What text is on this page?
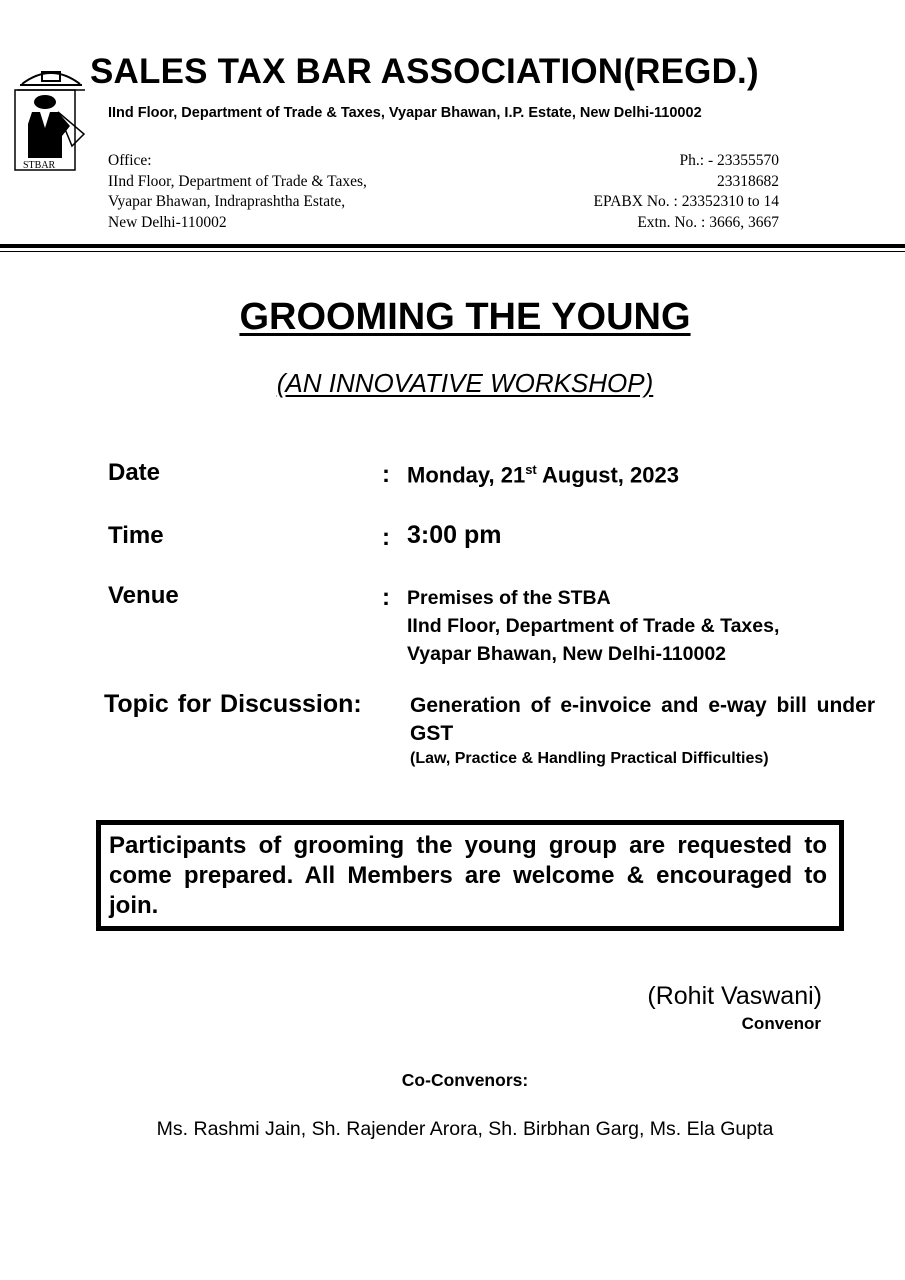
STBAR
SALES TAX BAR ASSOCIATION(REGD.)
IInd Floor, Department of Trade & Taxes, Vyapar Bhawan, I.P. Estate, New Delhi-110002
Office:
IInd Floor, Department of Trade & Taxes,
Vyapar Bhawan, Indraprashtha Estate,
New Delhi-110002
Ph.: - 23355570
23318682
EPABX No. : 23352310 to 14
Extn. No. : 3666, 3667
GROOMING THE YOUNG
(AN INNOVATIVE WORKSHOP)
Date	: Monday, 21st August, 2023
Time	: 3:00 pm
Venue	: Premises of the STBA
IInd Floor, Department of Trade & Taxes,
Vyapar Bhawan, New Delhi-110002
Topic for Discussion: Generation of e-invoice and e-way bill under GST
(Law, Practice & Handling Practical Difficulties)

Participants of grooming the young group are requested to come prepared. All Members are welcome & encouraged to join.

(Rohit Vaswani)
Convenor
Co-Convenors:
Ms. Rashmi Jain, Sh. Rajender Arora, Sh. Birbhan Garg, Ms. Ela Gupta
